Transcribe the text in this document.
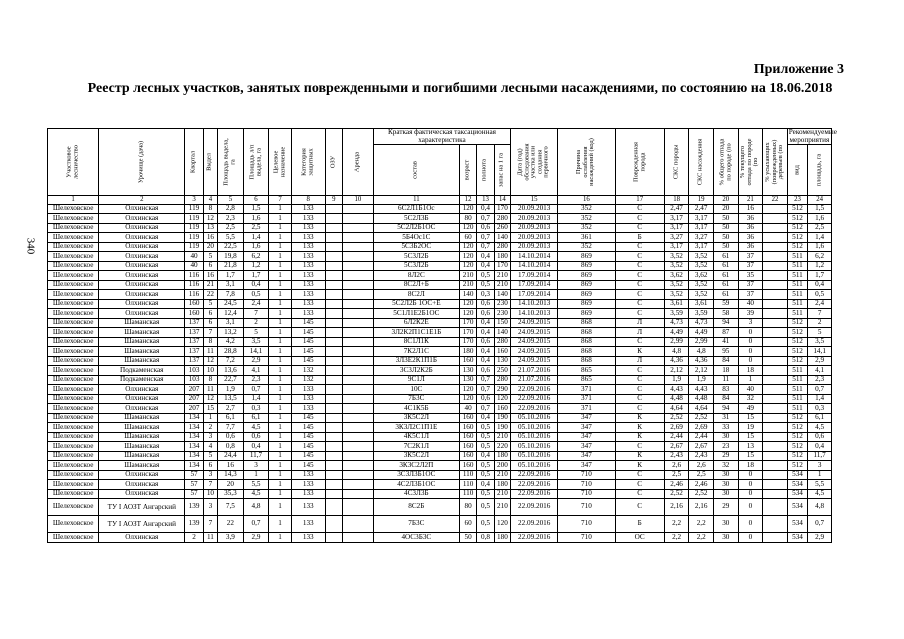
Приложение 3
Реестр лесных участков, занятых поврежденными и погибшими лесными насаждениями, по состоянию на 18.06.2018
340
Участковое лесничество	Урочище (дача)	Квартал	Выдел	Площадь выдела, га	Площадь л/п выдела, га	Целевое назначение	Категория защитных	ОЗУ	Аренда	Краткая фактическая таксационная характеристика				Дата (год) обследования участка или создания первичного	Причина ослабления насаждений (код)	Поврежденная порода	СКС породы	СКС насаждения	% общего отпада по породе (по	% текущего отпада по породе (по	% усыхающих (поврежденных) деревьев (по	Рекомендуемые мероприятия	

										состав	возраст	полнота	запас на 1 га									вид	площадь, га

1	2	3	4	5	6	7	8	9	10	11	12	13	14	15	16	17	18	19	20	21	22	23	24
Шелеховское	Олхинская	119	8	2,8	1,5	1	133			6С2Л1Б1Ос	120	0,4	170	20.09.2013	352	С	2,47	2,47	20	16		512	1,5
Шелеховское	Олхинская	119	12	2,3	1,6	1	133			5С2Л3Б	80	0,7	280	20.09.2013	352	С	3,17	3,17	50	36		512	1,6
Шелеховское	Олхинская	119	13	2,5	2,5	1	133			5С2Л2Б1ОС	120	0,6	260	20.09.2013	352	С	3,17	3,17	50	36		512	2,5
Шелеховское	Олхинская	119	16	5,5	1,4	1	133			5Б4Ос1С	60	0,7	140	20.09.2013	361	Б	3,27	3,27	50	36		512	1,4
Шелеховское	Олхинская	119	20	22,5	1,6	1	133			5С3Б2ОС	120	0,7	280	20.09.2013	352	С	3,17	3,17	50	36		512	1,6
Шелеховское	Олхинская	40	5	19,8	6,2	1	133			5С3Л2Б	120	0,4	180	14.10.2014	869	С	3,52	3,52	61	37		511	6,2
Шелеховское	Олхинская	40	6	21,8	1,2	1	133			5С3Л2Б	120	0,4	170	14.10.2014	869	С	3,52	3,52	61	37		511	1,2
Шелеховское	Олхинская	116	16	1,7	1,7	1	133			8Л2С	210	0,5	210	17.09.2014	869	С	3,62	3,62	61	35		511	1,7
Шелеховское	Олхинская	116	21	3,1	0,4	1	133			8С2Л+Б	210	0,5	210	17.09.2014	869	С	3,52	3,52	61	37		511	0,4
Шелеховское	Олхинская	116	22	7,8	0,5	1	133			8С2Л	140	0,3	140	17.09.2014	869	С	3,52	3,52	61	37		511	0,5
Шелеховское	Олхинская	160	5	24,5	2,4	1	133			5С2Л2Б 1ОС+Е	120	0,6	230	14.10.2013	869	С	3,61	3,61	59	40		511	2,4
Шелеховское	Олхинская	160	6	12,4	7	1	133			5С1Л1Е2Б1ОС	120	0,6	230	14.10.2013	869	С	3,59	3,59	58	39		511	7
Шелеховское	Шаманская	137	6	3,1	2	1	145			6Л2К2Е	170	0,4	150	24.09.2015	868	Л	4,73	4,73	94	3		512	2
Шелеховское	Шаманская	137	7	13,2	5	1	145			3Л2К2П1С1Е1Б	170	0,4	140	24.09.2015	868	Л	4,49	4,49	87	0		512	5
Шелеховское	Шаманская	137	8	4,2	3,5	1	145			8С1Л1К	170	0,6	280	24.09.2015	868	С	2,99	2,99	41	0		512	3,5
Шелеховское	Шаманская	137	11	28,8	14,1	1	145			7К2Л1С	180	0,4	160	24.09.2015	868	К	4,8	4,8	95	0		512	14,1
Шелеховское	Шаманская	137	12	7,2	2,9	1	145			3Л3Е2К1П1Б	160	0,4	130	24.09.2015	868	Л	4,36	4,36	84	0		512	2,9
Шелеховское	Подкаменская	103	10	13,6	4,1	1	132			3С3Л2К2Б	130	0,6	250	21.07.2016	865	С	2,12	2,12	18	18		511	4,1
Шелеховское	Подкаменская	103	8	22,7	2,3	1	132			9С1Л	130	0,7	280	21.07.2016	865	С	1,9	1,9	11	1		511	2,3
Шелеховское	Олхинская	207	11	1,9	0,7	1	133			10С	120	0,7	290	22.09.2016	371	С	4,43	4,43	83	40		511	0,7
Шелеховское	Олхинская	207	12	13,5	1,4	1	133			7Б3С	120	0,6	120	22.09.2016	371	С	4,48	4,48	84	32		511	1,4
Шелеховское	Олхинская	207	15	2,7	0,3	1	133			4С1К5Б	40	0,7	160	22.09.2016	371	С	4,64	4,64	94	49		511	0,3
Шелеховское	Шаманская	134	1	6,1	6,1	1	145			3К5С2Л	160	0,4	190	05.10.2016	347	К	2,52	2,52	31	15		512	6,1
Шелеховское	Шаманская	134	2	7,7	4,5	1	145			3К3Л2С1П1Е	160	0,5	190	05.10.2016	347	К	2,69	2,69	33	19		512	4,5
Шелеховское	Шаманская	134	3	0,6	0,6	1	145			4К5С1Л	160	0,5	210	05.10.2016	347	К	2,44	2,44	30	15		512	0,6
Шелеховское	Шаманская	134	4	0,8	0,4	1	145			7С2К1Л	160	0,5	220	05.10.2016	347	С	2,67	2,67	23	13		512	0,4
Шелеховское	Шаманская	134	5	24,4	11,7	1	145			3К5С2Л	160	0,4	180	05.10.2016	347	К	2,43	2,43	29	15		512	11,7
Шелеховское	Шаманская	134	6	16	3	1	145			3К3С2Л2П	160	0,5	200	05.10.2016	347	К	2,6	2,6	32	18		512	3
Шелеховское	Олхинская	57	3	14,3	1	1	133			3С3Л3Б1ОС	110	0,5	210	22.09.2016	710	С	2,5	2,5	30	0		534	1
Шелеховское	Олхинская	57	7	20	5,5	1	133			4С2Л3Б1ОС	110	0,4	180	22.09.2016	710	С	2,46	2,46	30	0		534	5,5
Шелеховское	Олхинская	57	10	35,3	4,5	1	133			4С3Л3Б	110	0,5	210	22.09.2016	710	С	2,52	2,52	30	0		534	4,5
Шелеховское	ТУ I АОЗТ Ангарский	139	3	7,5	4,8	1	133			8С2Б	80	0,5	210	22.09.2016	710	С	2,16	2,16	29	0		534	4,8
Шелеховское	ТУ I АОЗТ Ангарский	139	7	22	0,7	1	133			7Б3С	60	0,5	120	22.09.2016	710	Б	2,2	2,2	30	0		534	0,7
Шелеховское	Олхинская	2	11	3,9	2,9	1	133			4ОС3Б3С	50	0,8	180	22.09.2016	710	ОС	2,2	2,2	30	0		534	2,9
